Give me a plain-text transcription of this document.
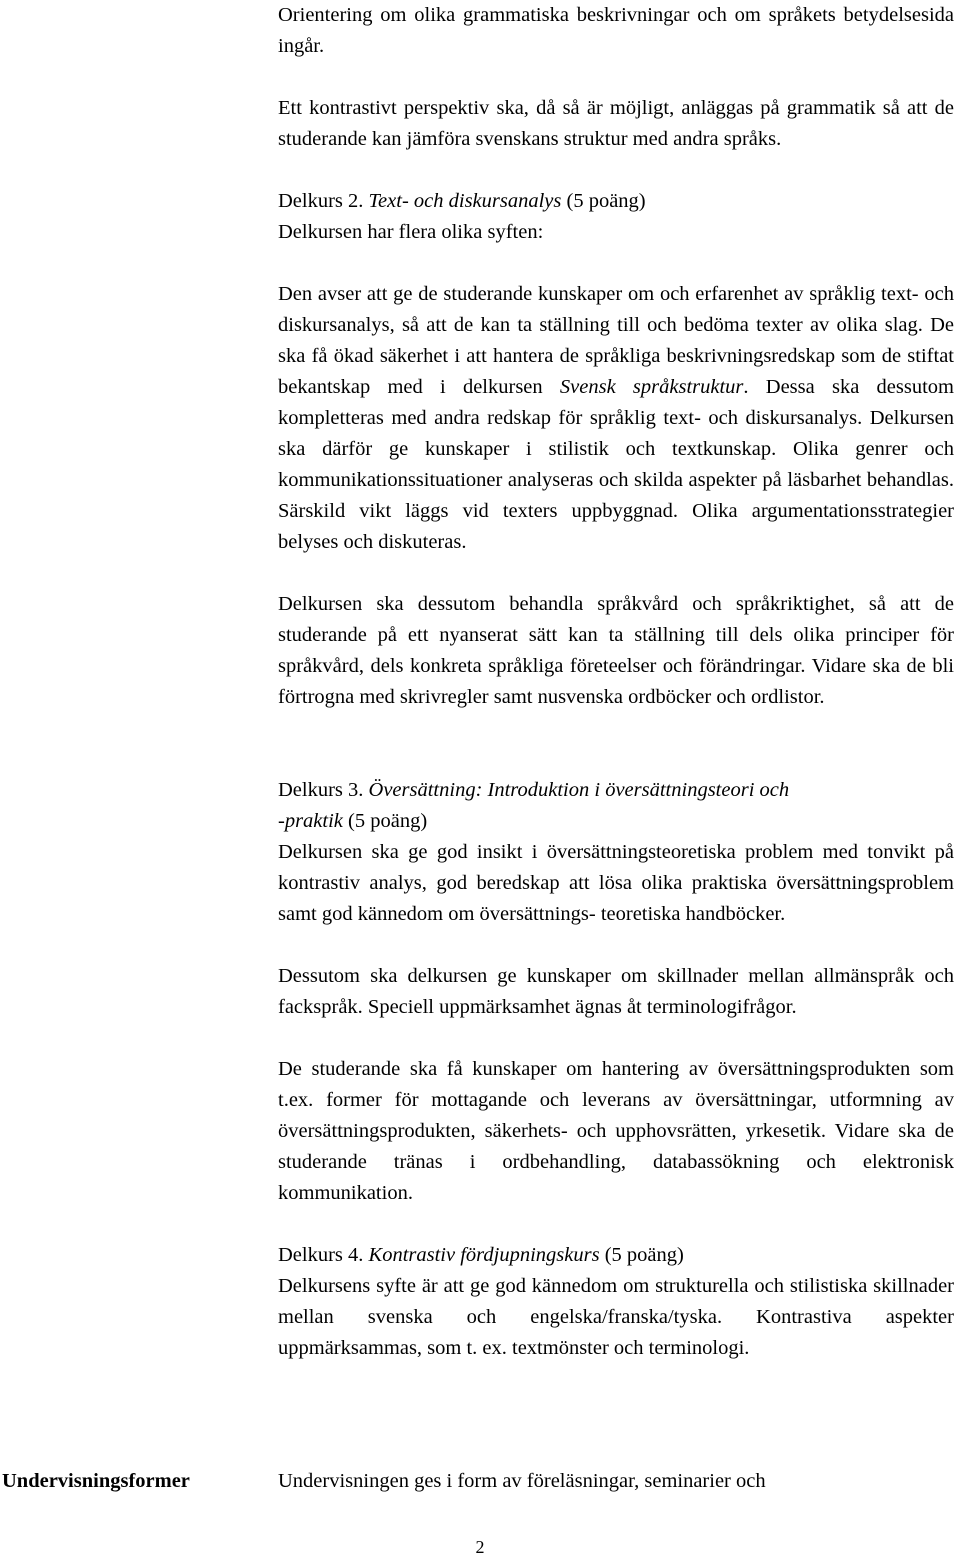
Orientering om olika grammatiska beskrivningar och om språkets betydelsesida ingår.

Ett kontrastivt perspektiv ska, då så är möjligt, anläggas på grammatik så att de studerande kan jämföra svenskans struktur med andra språks.

Delkurs 2. Text- och diskursanalys (5 poäng)

Delkursen har flera olika syften:

Den avser att ge de studerande kunskaper om och erfarenhet av språklig text- och diskursanalys, så att de kan ta ställning till och bedöma texter av olika slag. De ska få ökad säkerhet i att hantera de språkliga beskrivningsredskap som de stiftat bekantskap med i delkursen Svensk språkstruktur. Dessa ska dessutom kompletteras med andra redskap för språklig text- och diskursanalys. Delkursen ska därför ge kunskaper i stilistik och textkunskap. Olika genrer och kommunikationssituationer analyseras och skilda aspekter på läsbarhet behandlas. Särskild vikt läggs vid texters uppbyggnad. Olika argumentationsstrategier belyses och diskuteras.

Delkursen ska dessutom behandla språkvård och språkriktighet, så att de studerande på ett nyanserat sätt kan ta ställning till dels olika principer för språkvård, dels konkreta språkliga företeelser och förändringar. Vidare ska de bli förtrogna med skrivregler samt nusvenska ordböcker och ordlistor.

Delkurs 3. Översättning: Introduktion i översättningsteori och
-praktik (5 poäng)

Delkursen ska ge god insikt i översättningsteoretiska problem med tonvikt på kontrastiv analys, god beredskap att lösa olika praktiska översättningsproblem samt god kännedom om översättnings- teoretiska handböcker.

Dessutom ska delkursen ge kunskaper om skillnader mellan allmänspråk och fackspråk. Speciell uppmärksamhet ägnas åt terminologifrågor.

De studerande ska få kunskaper om hantering av översättningsprodukten som t.ex. former för mottagande och leverans av översättningar, utformning av översättningsprodukten, säkerhets- och upphovsrätten, yrkesetik. Vidare ska de studerande tränas i ordbehandling, databassökning och elektronisk kommunikation.

Delkurs 4. Kontrastiv fördjupningskurs (5 poäng)

Delkursens syfte är att ge god kännedom om strukturella och stilistiska skillnader mellan svenska och engelska/franska/tyska. Kontrastiva aspekter uppmärksammas, som t. ex. textmönster och terminologi.

Undervisningsformer	Undervisningen ges i form av föreläsningar, seminarier och
2
